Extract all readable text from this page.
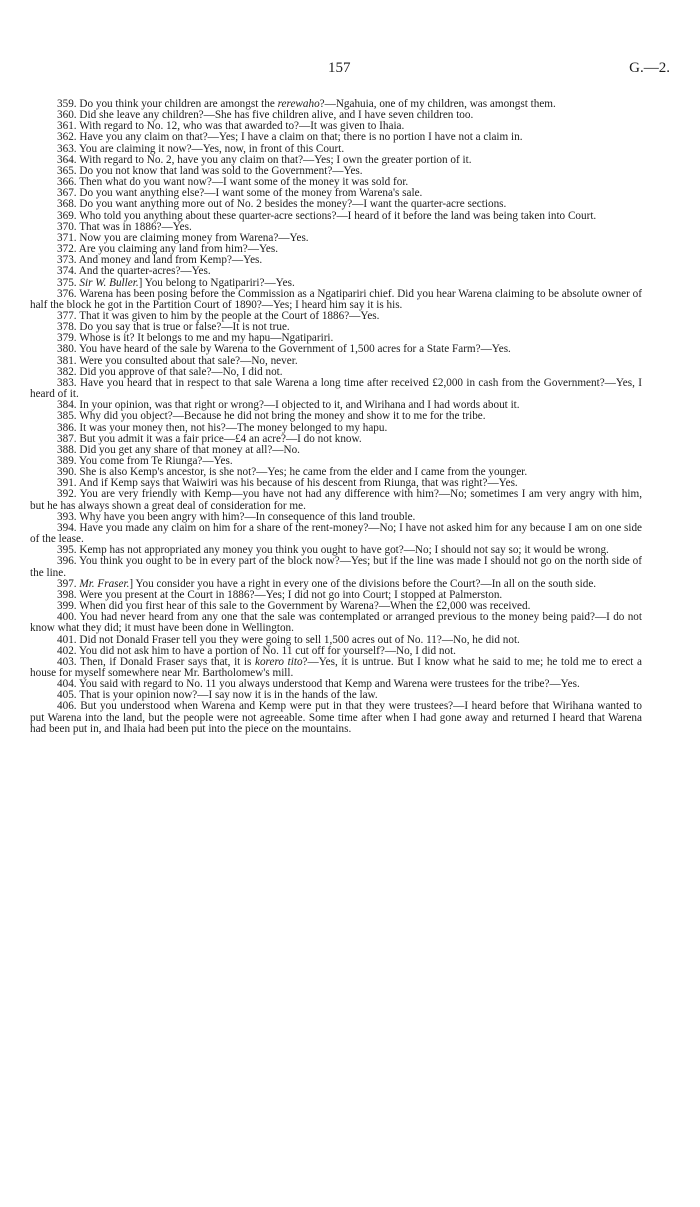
157	G.—2.

359. Do you think your children are amongst the rerewaho?—Ngahuia, one of my children, was amongst them.

360. Did she leave any children?—She has five children alive, and I have seven children too.

361. With regard to No. 12, who was that awarded to?—It was given to Ihaia.

362. Have you any claim on that?—Yes; I have a claim on that; there is no portion I have not a claim in.

363. You are claiming it now?—Yes, now, in front of this Court.

364. With regard to No. 2, have you any claim on that?—Yes; I own the greater portion of it.

365. Do you not know that land was sold to the Government?—Yes.

366. Then what do you want now?—I want some of the money it was sold for.

367. Do you want anything else?—I want some of the money from Warena's sale.

368. Do you want anything more out of No. 2 besides the money?—I want the quarter-acre sections.

369. Who told you anything about these quarter-acre sections?—I heard of it before the land was being taken into Court.

370. That was in 1886?—Yes.

371. Now you are claiming money from Warena?—Yes.

372. Are you claiming any land from him?—Yes.

373. And money and land from Kemp?—Yes.

374. And the quarter-acres?—Yes.

375. Sir W. Buller.] You belong to Ngatipariri?—Yes.

376. Warena has been posing before the Commission as a Ngatipariri chief. Did you hear Warena claiming to be absolute owner of half the block he got in the Partition Court of 1890?—Yes; I heard him say it is his.

377. That it was given to him by the people at the Court of 1886?—Yes.

378. Do you say that is true or false?—It is not true.

379. Whose is it? It belongs to me and my hapu—Ngatipariri.

380. You have heard of the sale by Warena to the Government of 1,500 acres for a State Farm?—Yes.

381. Were you consulted about that sale?—No, never.

382. Did you approve of that sale?—No, I did not.

383. Have you heard that in respect to that sale Warena a long time after received £2,000 in cash from the Government?—Yes, I heard of it.

384. In your opinion, was that right or wrong?—I objected to it, and Wirihana and I had words about it.

385. Why did you object?—Because he did not bring the money and show it to me for the tribe.

386. It was your money then, not his?—The money belonged to my hapu.

387. But you admit it was a fair price—£4 an acre?—I do not know.

388. Did you get any share of that money at all?—No.

389. You come from Te Riunga?—Yes.

390. She is also Kemp's ancestor, is she not?—Yes; he came from the elder and I came from the younger.

391. And if Kemp says that Waiwiri was his because of his descent from Riunga, that was right?—Yes.

392. You are very friendly with Kemp—you have not had any difference with him?—No; sometimes I am very angry with him, but he has always shown a great deal of consideration for me.

393. Why have you been angry with him?—In consequence of this land trouble.

394. Have you made any claim on him for a share of the rent-money?—No; I have not asked him for any because I am on one side of the lease.

395. Kemp has not appropriated any money you think you ought to have got?—No; I should not say so; it would be wrong.

396. You think you ought to be in every part of the block now?—Yes; but if the line was made I should not go on the north side of the line.

397. Mr. Fraser.] You consider you have a right in every one of the divisions before the Court?—In all on the south side.

398. Were you present at the Court in 1886?—Yes; I did not go into Court; I stopped at Palmerston.

399. When did you first hear of this sale to the Government by Warena?—When the £2,000 was received.

400. You had never heard from any one that the sale was contemplated or arranged previous to the money being paid?—I do not know what they did; it must have been done in Wellington.

401. Did not Donald Fraser tell you they were going to sell 1,500 acres out of No. 11?—No, he did not.

402. You did not ask him to have a portion of No. 11 cut off for yourself?—No, I did not.

403. Then, if Donald Fraser says that, it is korero tito?—Yes, it is untrue. But I know what he said to me; he told me to erect a house for myself somewhere near Mr. Bartholomew's mill.

404. You said with regard to No. 11 you always understood that Kemp and Warena were trustees for the tribe?—Yes.

405. That is your opinion now?—I say now it is in the hands of the law.

406. But you understood when Warena and Kemp were put in that they were trustees?—I heard before that Wirihana wanted to put Warena into the land, but the people were not agreeable. Some time after when I had gone away and returned I heard that Warena had been put in, and Ihaia had been put into the piece on the mountains.
